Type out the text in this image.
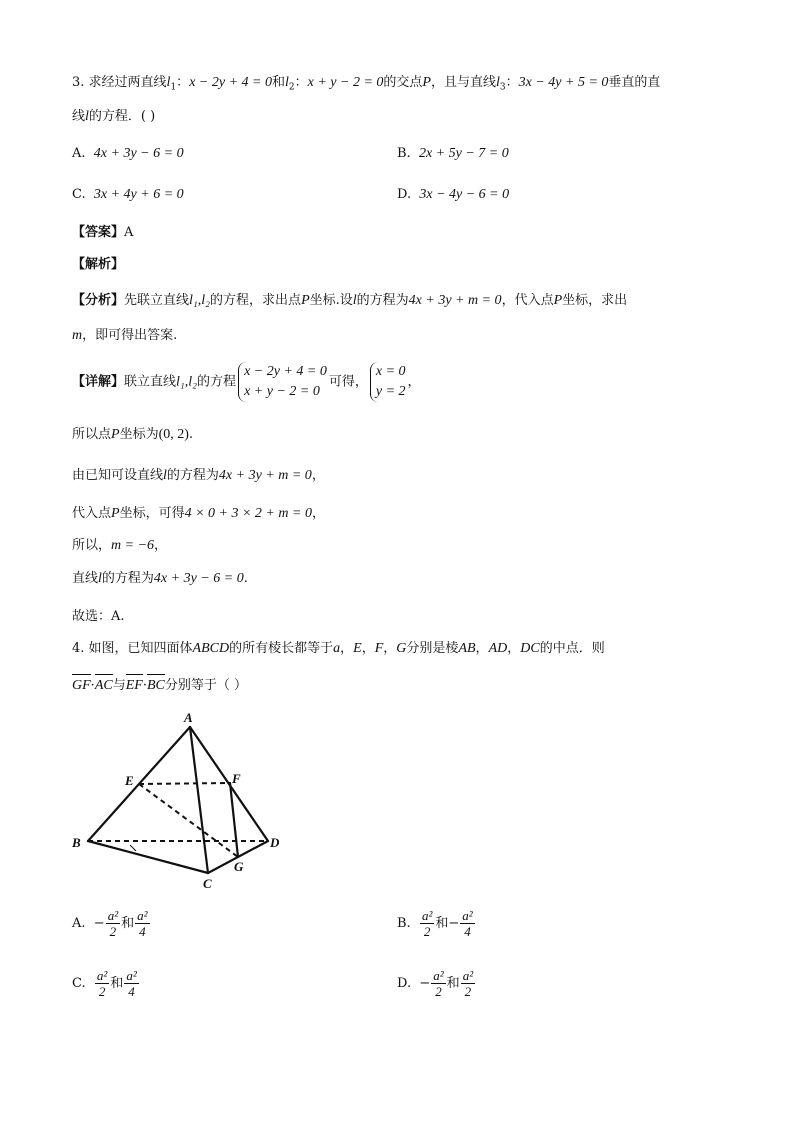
3. 求经过两直线$l_1$：x − 2y + 4 = 0和$l_2$：x + y − 2 = 0的交点P，且与直线$l_3$：3x − 4y + 5 = 0垂直的直
线l的方程．( )
A. 4x + 3y − 6 = 0	B. 2x + 5y − 7 = 0
C. 3x + 4y + 6 = 0	D. 3x − 4y − 6 = 0
【答案】A
【解析】
【分析】先联立直线l₁,l₂的方程，求出点P坐标.设l的方程为4x + 3y + m = 0，代入点P坐标，求出
m，即可得出答案.
【详解】联立直线l₁,l₂的方程
x − 2y + 4 = 0
x + y − 2 = 0
可得，
x = 0
y = 2
，
所以点P坐标为(0, 2).
由已知可设直线l的方程为4x + 3y + m = 0，
代入点P坐标，可得4 × 0 + 3 × 2 + m = 0，
所以，m = −6，
直线l的方程为4x + 3y − 6 = 0.
故选：A.
4. 如图，已知四面体ABCD的所有棱长都等于a，E，F，G分别是棱AB，AD，DC的中点．则
GF·AC与EF·BC分别等于（ ）
A
B
C
D
E	F
G
A. − $\frac{\text{a²}}{2}$ 和 $\frac{\text{a²}}{4}$	B. $\frac{\text{a²}}{2}$ 和− $\frac{\text{a²}}{4}$
C. $\frac{\text{a²}}{2}$ 和 $\frac{\text{a²}}{4}$	D. − $\frac{\text{a²}}{2}$ 和 $\frac{\text{a²}}{2}$
